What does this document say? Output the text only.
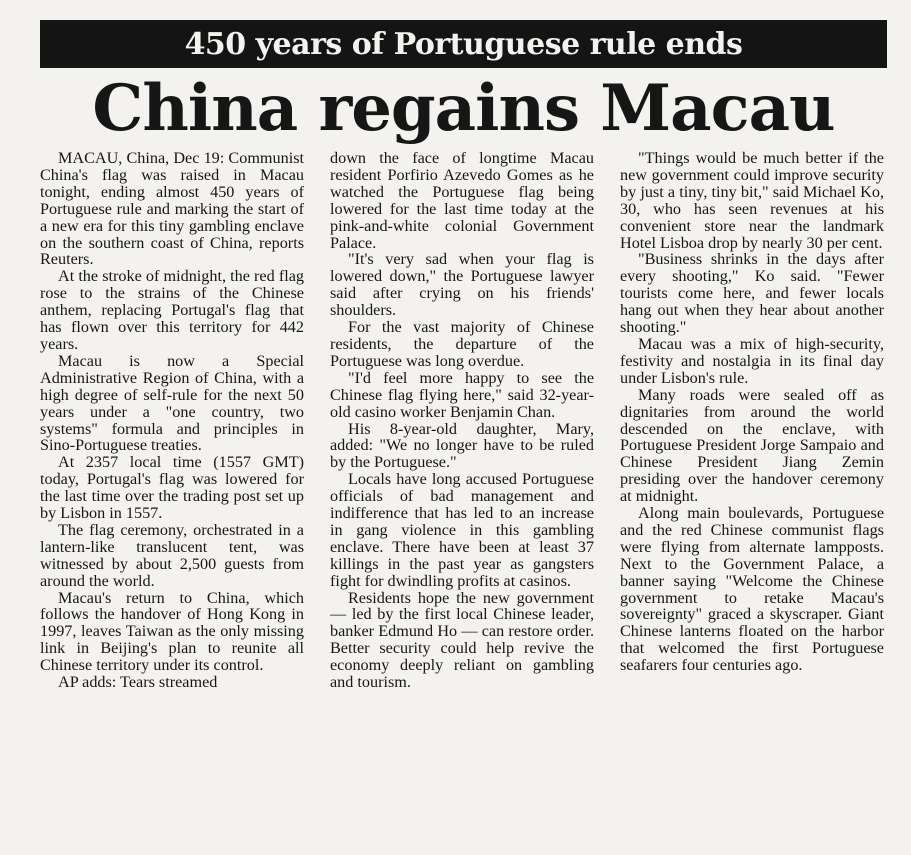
450 years of Portuguese rule ends
China regains Macau

MACAU, China, Dec 19: Communist China's flag was raised in Macau tonight, ending almost 450 years of Portuguese rule and marking the start of a new era for this tiny gambling enclave on the southern coast of China, reports Reuters.

At the stroke of midnight, the red flag rose to the strains of the Chinese anthem, replacing Portugal's flag that has flown over this territory for 442 years.

Macau is now a Special Administrative Region of China, with a high degree of self-rule for the next 50 years under a "one country, two systems" formula and principles in Sino-Portuguese treaties.

At 2357 local time (1557 GMT) today, Portugal's flag was lowered for the last time over the trading post set up by Lisbon in 1557.

The flag ceremony, orchestrated in a lantern-like translucent tent, was witnessed by about 2,500 guests from around the world.

Macau's return to China, which follows the handover of Hong Kong in 1997, leaves Taiwan as the only missing link in Beijing's plan to reunite all Chinese territory under its control.

AP adds: Tears streamed

down the face of longtime Macau resident Porfirio Azevedo Gomes as he watched the Portuguese flag being lowered for the last time today at the pink-and-white colonial Government Palace.

"It's very sad when your flag is lowered down," the Portuguese lawyer said after crying on his friends' shoulders.

For the vast majority of Chinese residents, the departure of the Portuguese was long overdue.

"I'd feel more happy to see the Chinese flag flying here," said 32-year-old casino worker Benjamin Chan.

His 8-year-old daughter, Mary, added: "We no longer have to be ruled by the Portuguese."

Locals have long accused Portuguese officials of bad management and indifference that has led to an increase in gang violence in this gambling enclave. There have been at least 37 killings in the past year as gangsters fight for dwindling profits at casinos.

Residents hope the new government — led by the first local Chinese leader, banker Edmund Ho — can restore order. Better security could help revive the economy deeply reliant on gambling and tourism.

"Things would be much better if the new government could improve security by just a tiny, tiny bit," said Michael Ko, 30, who has seen revenues at his convenient store near the landmark Hotel Lisboa drop by nearly 30 per cent.

"Business shrinks in the days after every shooting," Ko said. "Fewer tourists come here, and fewer locals hang out when they hear about another shooting."

Macau was a mix of high-security, festivity and nostalgia in its final day under Lisbon's rule.

Many roads were sealed off as dignitaries from around the world descended on the enclave, with Portuguese President Jorge Sampaio and Chinese President Jiang Zemin presiding over the handover ceremony at midnight.

Along main boulevards, Portuguese and the red Chinese communist flags were flying from alternate lampposts. Next to the Government Palace, a banner saying "Welcome the Chinese government to retake Macau's sovereignty" graced a skyscraper. Giant Chinese lanterns floated on the harbor that welcomed the first Portuguese seafarers four centuries ago.
